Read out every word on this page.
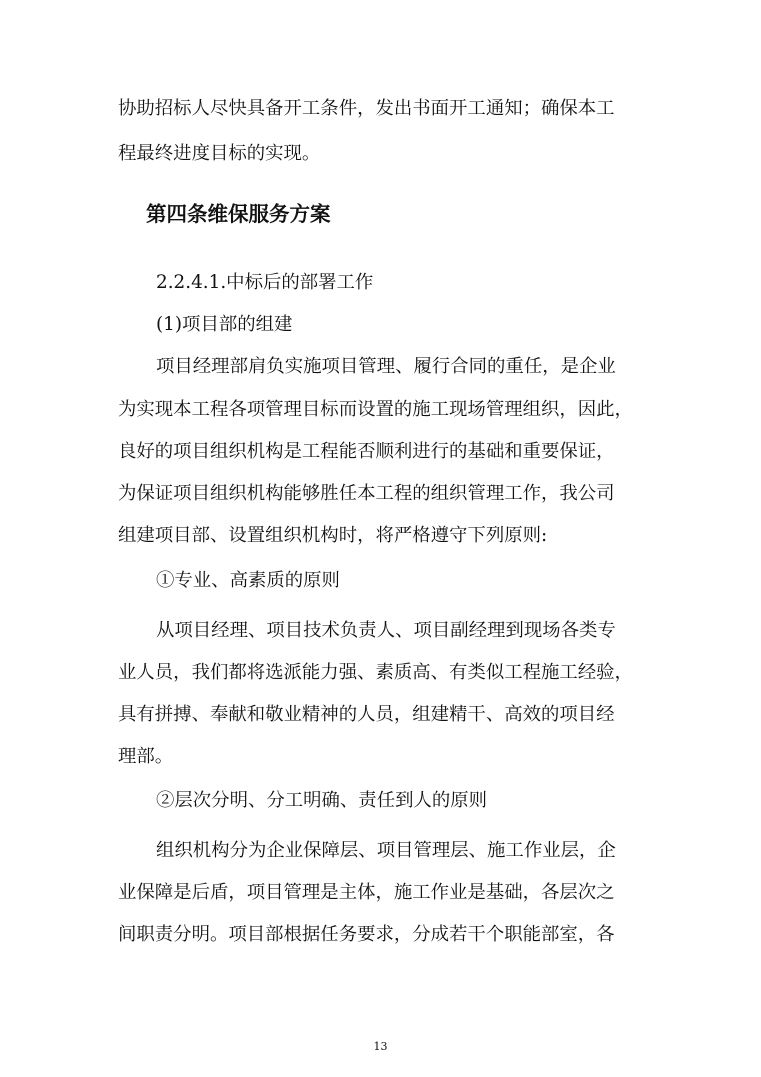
协助招标人尽快具备开工条件，发出书面开工通知；确保本工
程最终进度目标的实现。
第四条维保服务方案
2.2.4.1.中标后的部署工作
(1)项目部的组建
项目经理部肩负实施项目管理、履行合同的重任，是企业
为实现本工程各项管理目标而设置的施工现场管理组织，因此，
良好的项目组织机构是工程能否顺利进行的基础和重要保证，
为保证项目组织机构能够胜任本工程的组织管理工作，我公司
组建项目部、设置组织机构时，将严格遵守下列原则:
①专业、高素质的原则
从项目经理、项目技术负责人、项目副经理到现场各类专
业人员，我们都将选派能力强、素质高、有类似工程施工经验，
具有拼搏、奉献和敬业精神的人员，组建精干、高效的项目经
理部。
②层次分明、分工明确、责任到人的原则
组织机构分为企业保障层、项目管理层、施工作业层，企
业保障是后盾，项目管理是主体，施工作业是基础，各层次之
间职责分明。项目部根据任务要求，分成若干个职能部室，各
13
